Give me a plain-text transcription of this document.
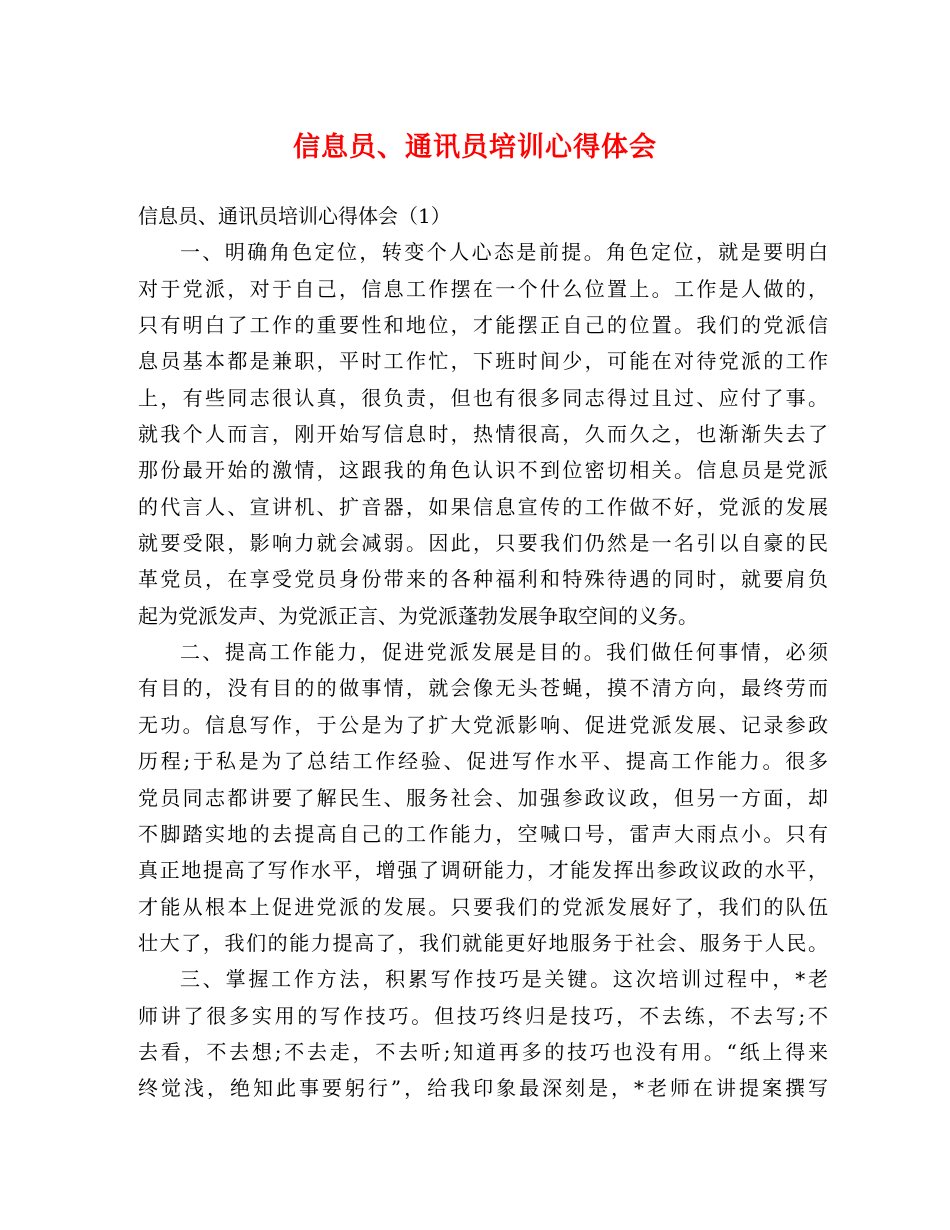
信息员、通讯员培训心得体会
信息员、通讯员培训心得体会（1）
一、明确角色定位，转变个人心态是前提。角色定位，就是要明白
对于党派，对于自己，信息工作摆在一个什么位置上。工作是人做的，
只有明白了工作的重要性和地位，才能摆正自己的位置。我们的党派信
息员基本都是兼职，平时工作忙，下班时间少，可能在对待党派的工作
上，有些同志很认真，很负责，但也有很多同志得过且过、应付了事。
就我个人而言，刚开始写信息时，热情很高，久而久之，也渐渐失去了
那份最开始的激情，这跟我的角色认识不到位密切相关。信息员是党派
的代言人、宣讲机、扩音器，如果信息宣传的工作做不好，党派的发展
就要受限，影响力就会减弱。因此，只要我们仍然是一名引以自豪的民
革党员，在享受党员身份带来的各种福利和特殊待遇的同时，就要肩负
起为党派发声、为党派正言、为党派蓬勃发展争取空间的义务。
二、提高工作能力，促进党派发展是目的。我们做任何事情，必须
有目的，没有目的的做事情，就会像无头苍蝇，摸不清方向，最终劳而
无功。信息写作，于公是为了扩大党派影响、促进党派发展、记录参政
历程;于私是为了总结工作经验、促进写作水平、提高工作能力。很多
党员同志都讲要了解民生、服务社会、加强参政议政，但另一方面，却
不脚踏实地的去提高自己的工作能力，空喊口号，雷声大雨点小。只有
真正地提高了写作水平，增强了调研能力，才能发挥出参政议政的水平，
才能从根本上促进党派的发展。只要我们的党派发展好了，我们的队伍
壮大了，我们的能力提高了，我们就能更好地服务于社会、服务于人民。
三、掌握工作方法，积累写作技巧是关键。这次培训过程中，*老
师讲了很多实用的写作技巧。但技巧终归是技巧，不去练，不去写;不
去看，不去想;不去走，不去听;知道再多的技巧也没有用。“纸上得来
终觉浅，绝知此事要躬行”，给我印象最深刻是，*老师在讲提案撰写
